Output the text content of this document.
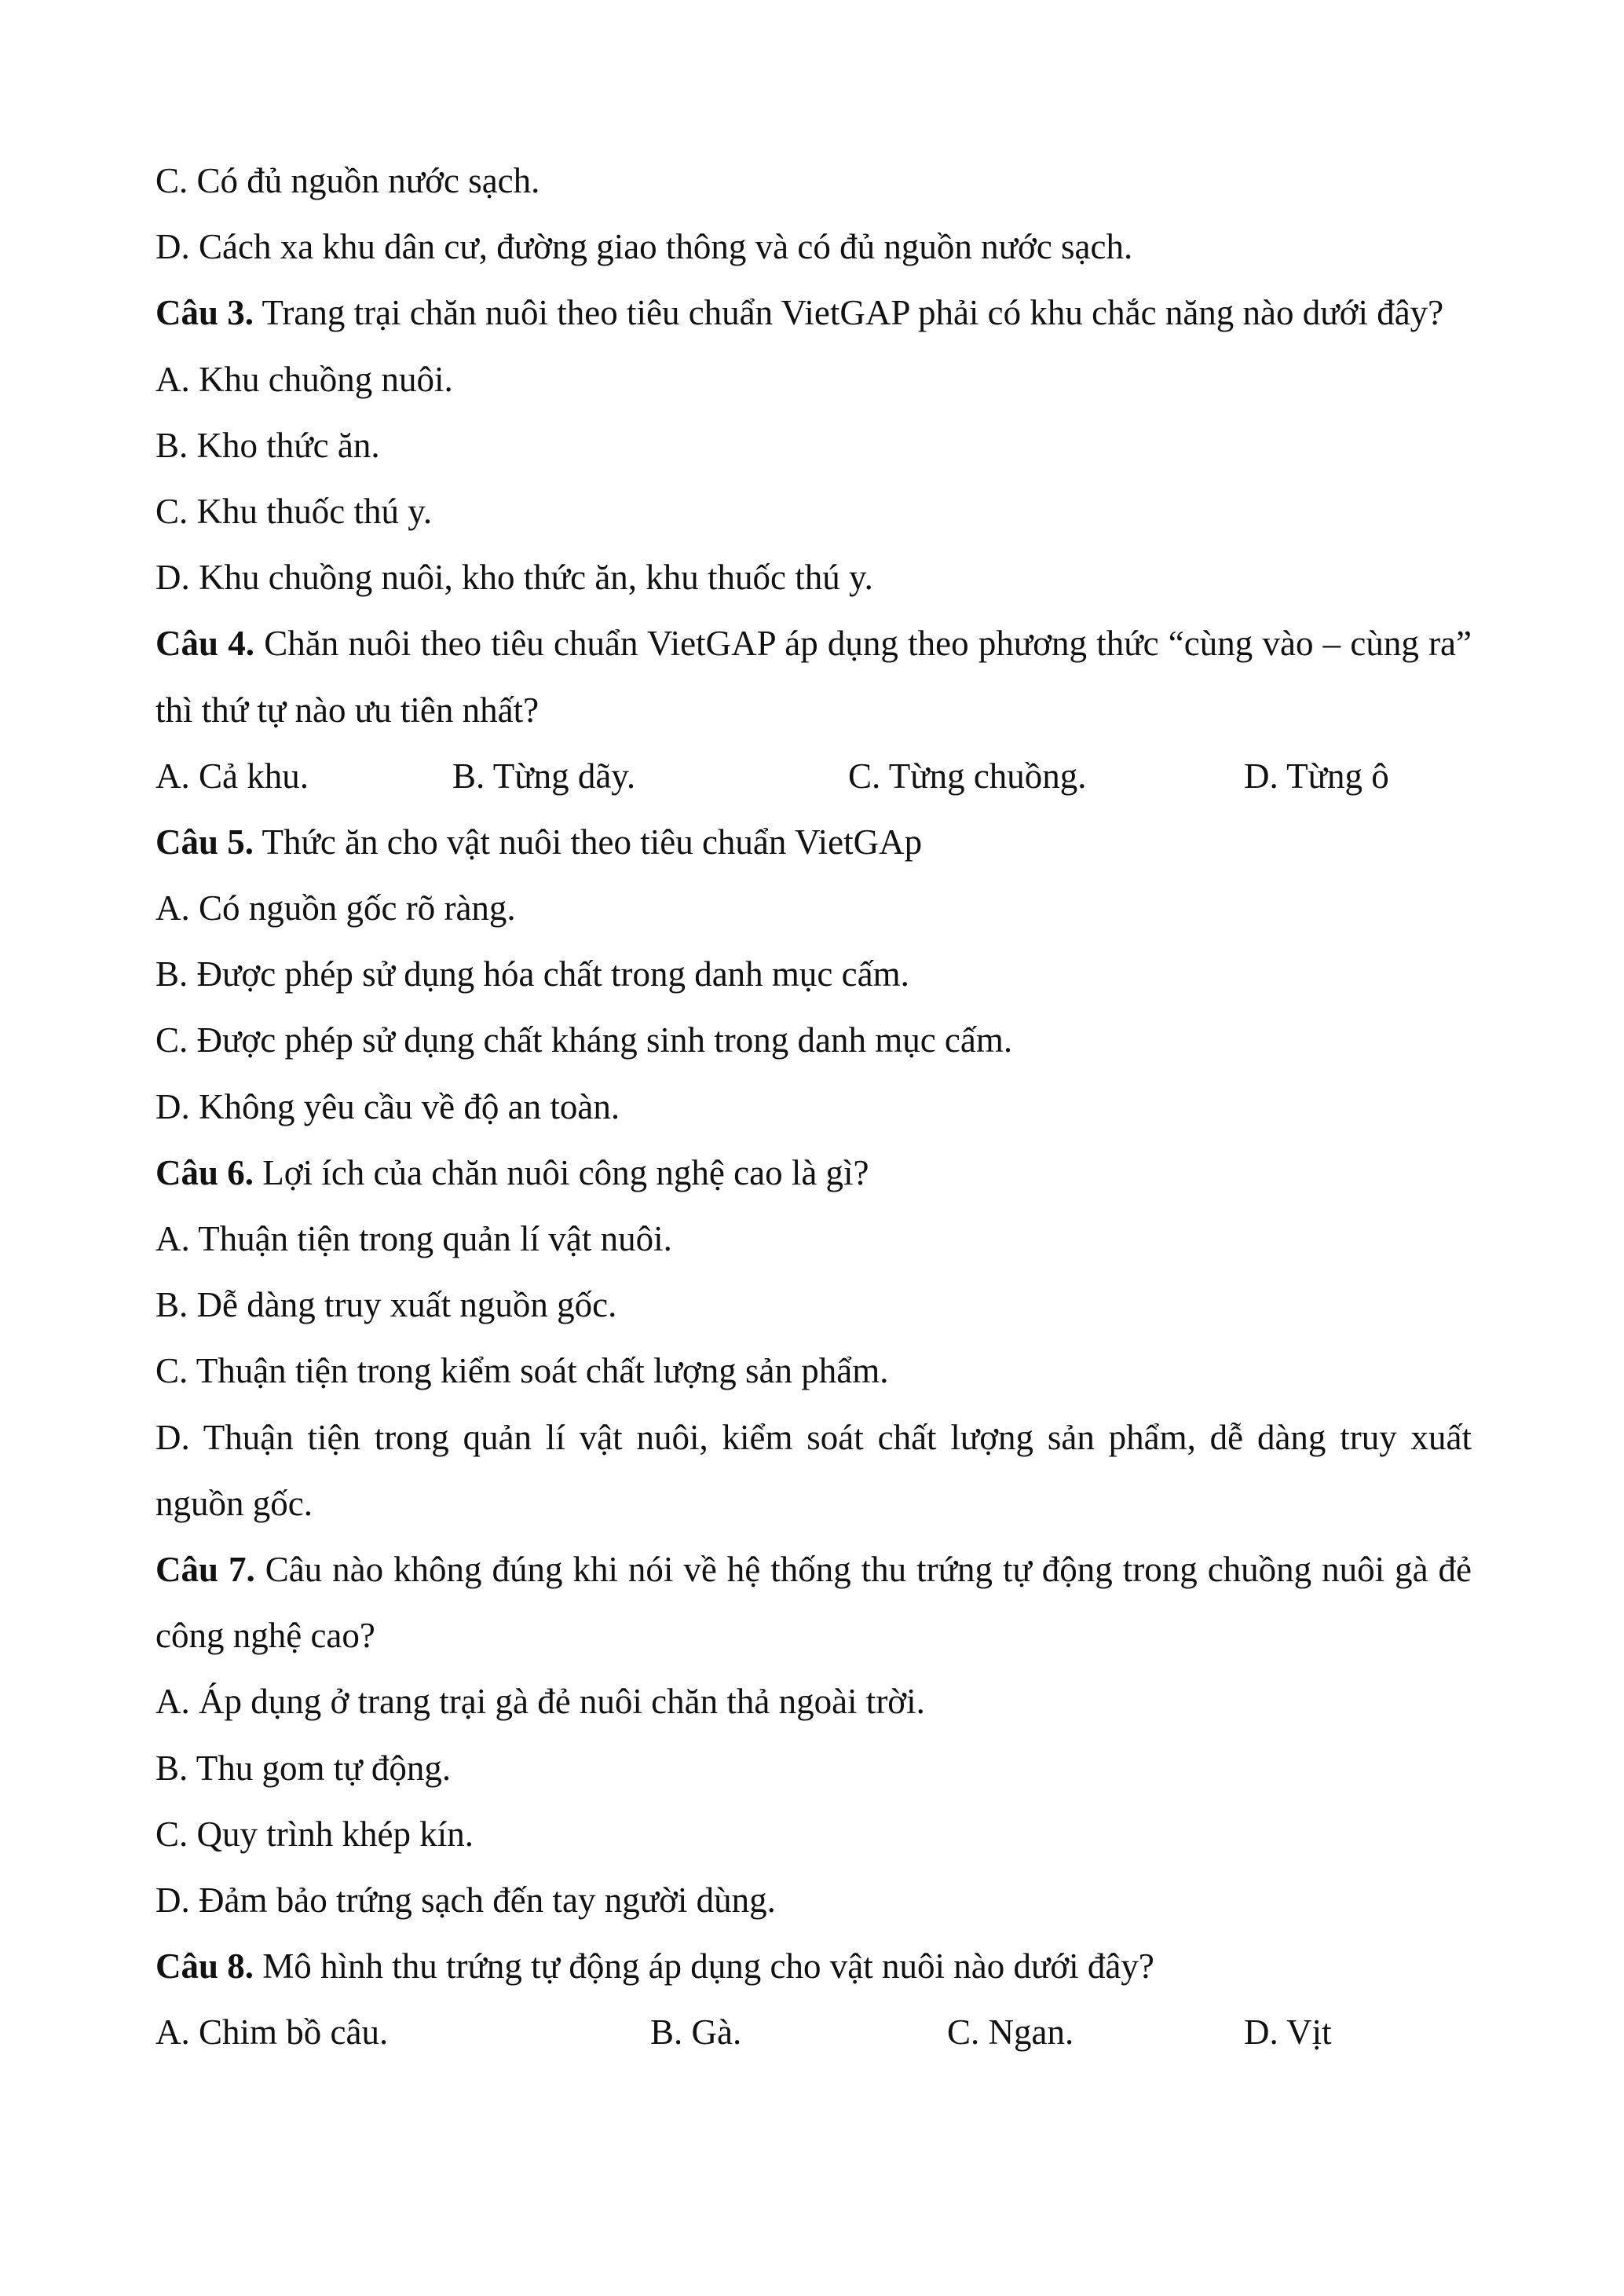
C. Có đủ nguồn nước sạch.
D. Cách xa khu dân cư, đường giao thông và có đủ nguồn nước sạch.
Câu 3. Trang trại chăn nuôi theo tiêu chuẩn VietGAP phải có khu chắc năng nào dưới đây?
A. Khu chuồng nuôi.
B. Kho thức ăn.
C. Khu thuốc thú y.
D. Khu chuồng nuôi, kho thức ăn, khu thuốc thú y.
Câu 4. Chăn nuôi theo tiêu chuẩn VietGAP áp dụng theo phương thức “cùng vào – cùng ra” thì thứ tự nào ưu tiên nhất?
A. Cả khu.	B. Từng dãy.	C. Từng chuồng.	D. Từng ô
Câu 5. Thức ăn cho vật nuôi theo tiêu chuẩn VietGAp
A. Có nguồn gốc rõ ràng.
B. Được phép sử dụng hóa chất trong danh mục cấm.
C. Được phép sử dụng chất kháng sinh trong danh mục cấm.
D. Không yêu cầu về độ an toàn.
Câu 6. Lợi ích của chăn nuôi công nghệ cao là gì?
A. Thuận tiện trong quản lí vật nuôi.
B. Dễ dàng truy xuất nguồn gốc.
C. Thuận tiện trong kiểm soát chất lượng sản phẩm.
D. Thuận tiện trong quản lí vật nuôi, kiểm soát chất lượng sản phẩm, dễ dàng truy xuất nguồn gốc.
Câu 7. Câu nào không đúng khi nói về hệ thống thu trứng tự động trong chuồng nuôi gà đẻ công nghệ cao?
A. Áp dụng ở trang trại gà đẻ nuôi chăn thả ngoài trời.
B. Thu gom tự động.
C. Quy trình khép kín.
D. Đảm bảo trứng sạch đến tay người dùng.
Câu 8. Mô hình thu trứng tự động áp dụng cho vật nuôi nào dưới đây?
A. Chim bồ câu.	B. Gà.	C. Ngan.	D. Vịt
